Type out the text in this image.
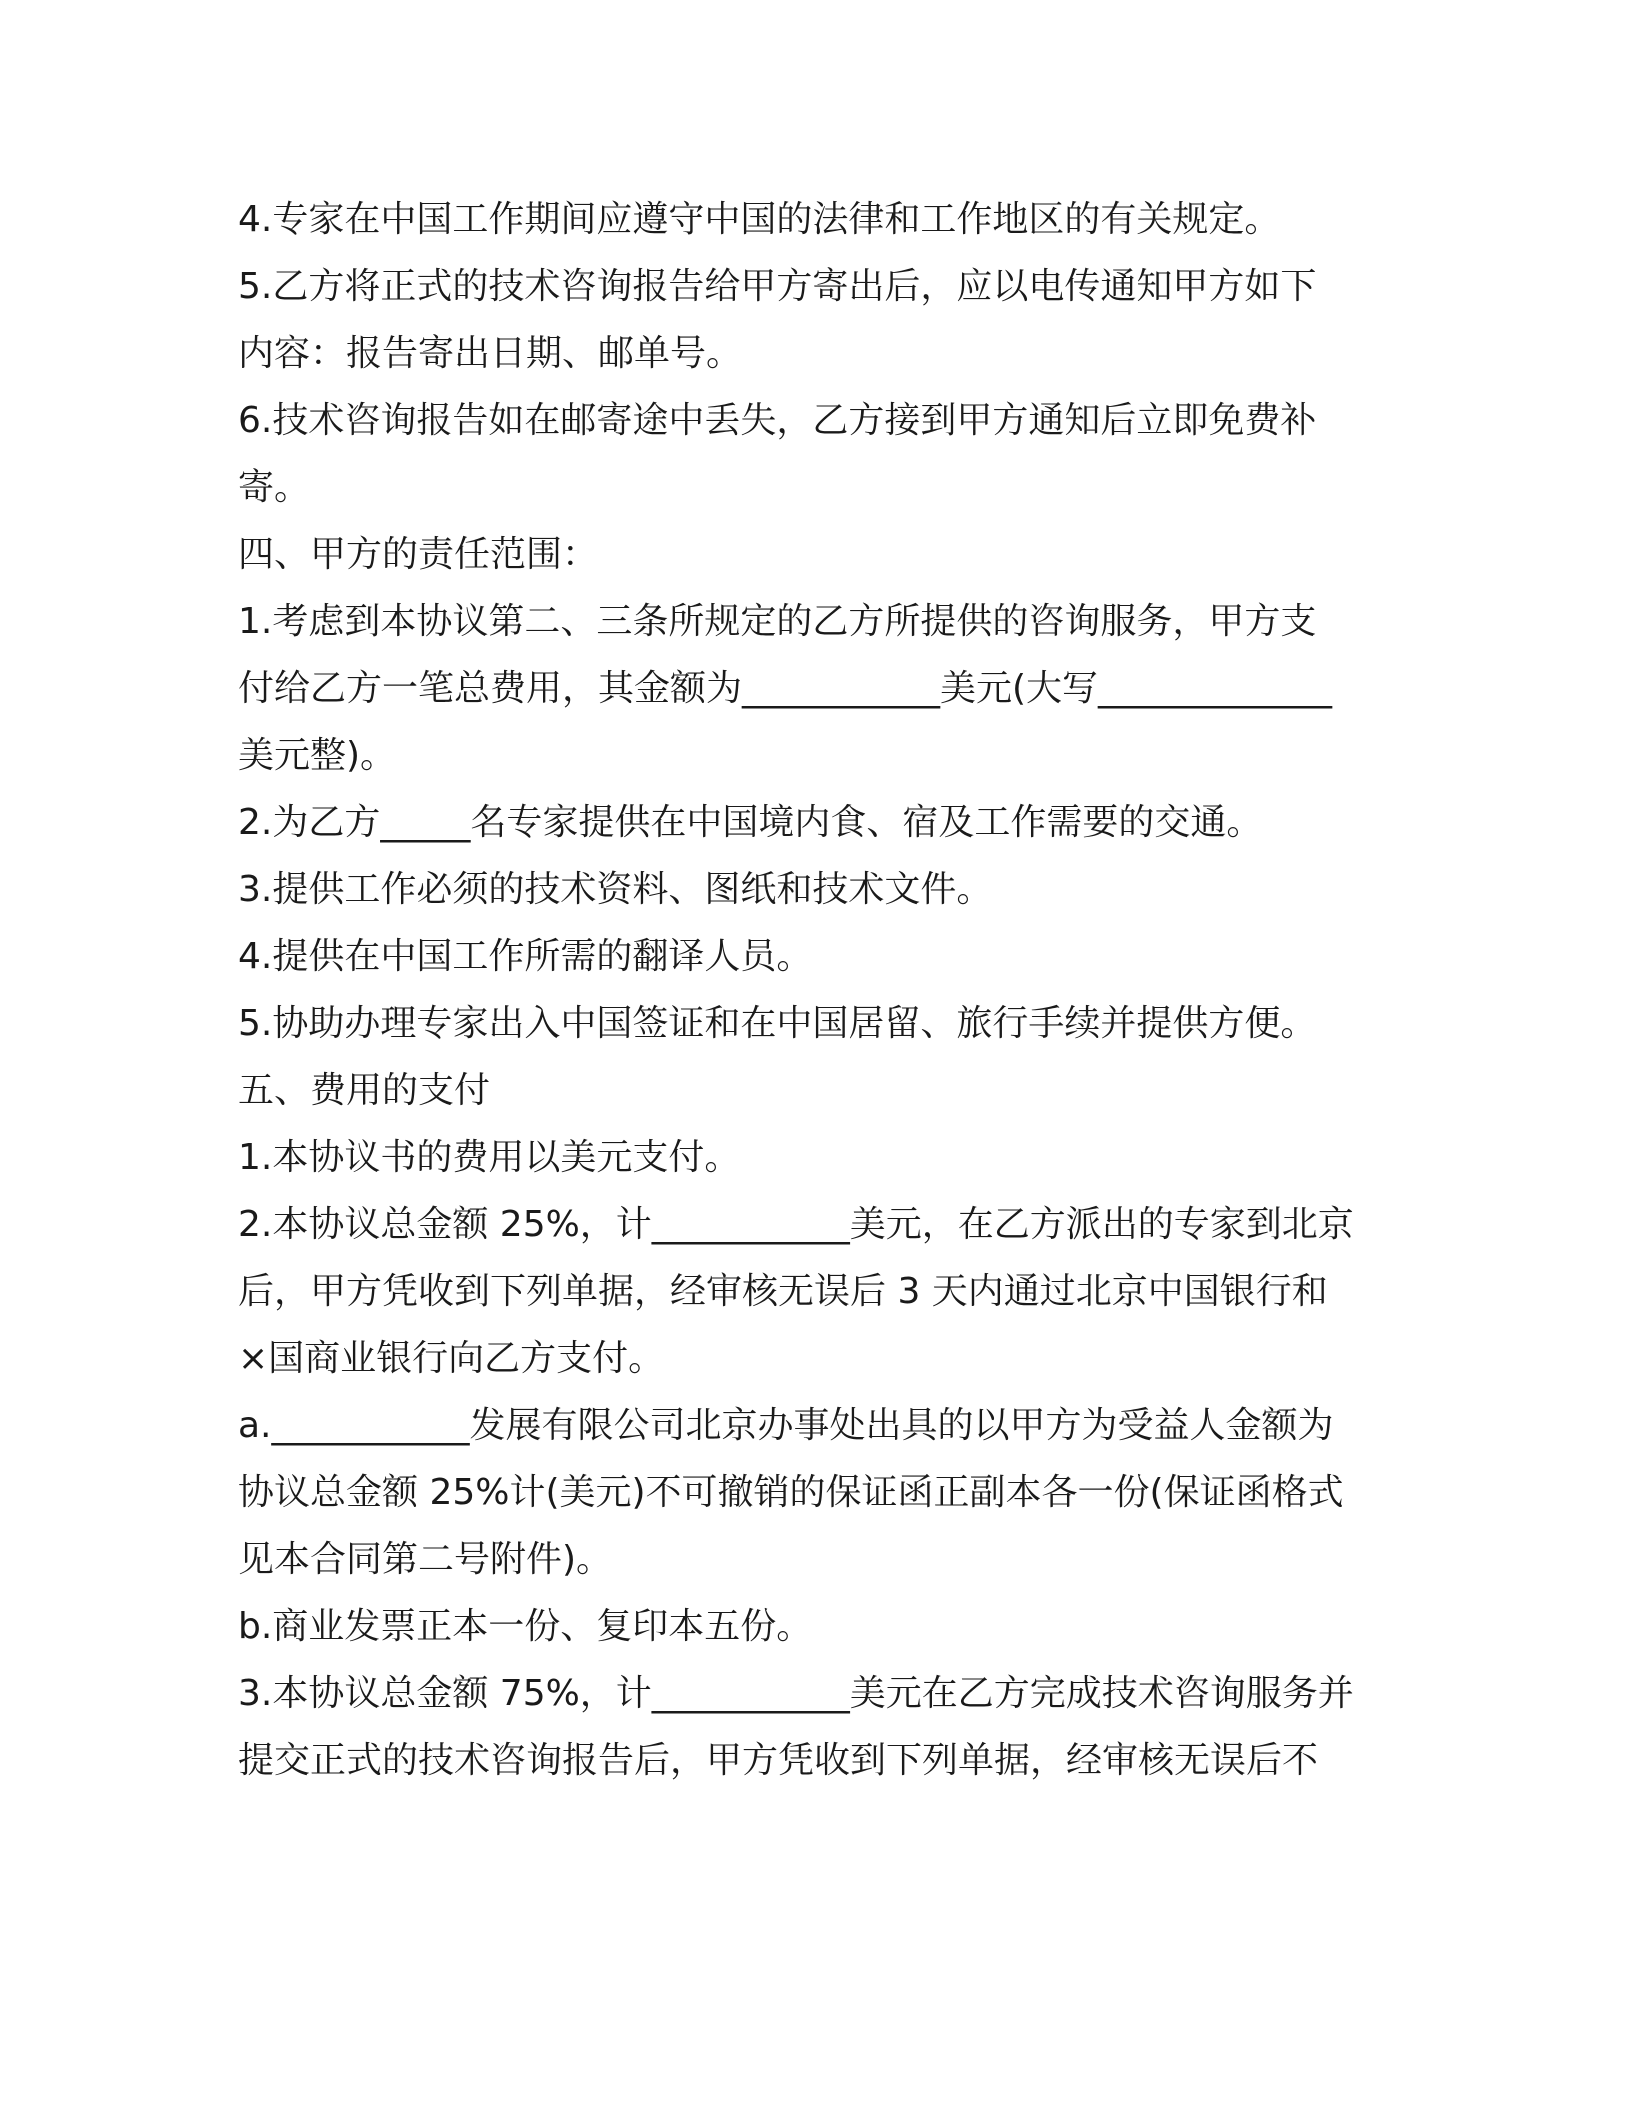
4.专家在中国工作期间应遵守中国的法律和工作地区的有关规定。
5.乙方将正式的技术咨询报告给甲方寄出后，应以电传通知甲方如下
内容：报告寄出日期、邮单号。
6.技术咨询报告如在邮寄途中丢失，乙方接到甲方通知后立即免费补
寄。
四、甲方的责任范围：
1.考虑到本协议第二、三条所规定的乙方所提供的咨询服务，甲方支
付给乙方一笔总费用，其金额为___________美元(大写_____________
美元整)。
2.为乙方_____名专家提供在中国境内食、宿及工作需要的交通。
3.提供工作必须的技术资料、图纸和技术文件。
4.提供在中国工作所需的翻译人员。
5.协助办理专家出入中国签证和在中国居留、旅行手续并提供方便。
五、费用的支付
1.本协议书的费用以美元支付。
2.本协议总金额 25%，计___________美元，在乙方派出的专家到北京
后，甲方凭收到下列单据，经审核无误后 3 天内通过北京中国银行和
×国商业银行向乙方支付。
a.___________发展有限公司北京办事处出具的以甲方为受益人金额为
协议总金额 25%计(美元)不可撤销的保证函正副本各一份(保证函格式
见本合同第二号附件)。
b.商业发票正本一份、复印本五份。
3.本协议总金额 75%，计___________美元在乙方完成技术咨询服务并
提交正式的技术咨询报告后，甲方凭收到下列单据，经审核无误后不
